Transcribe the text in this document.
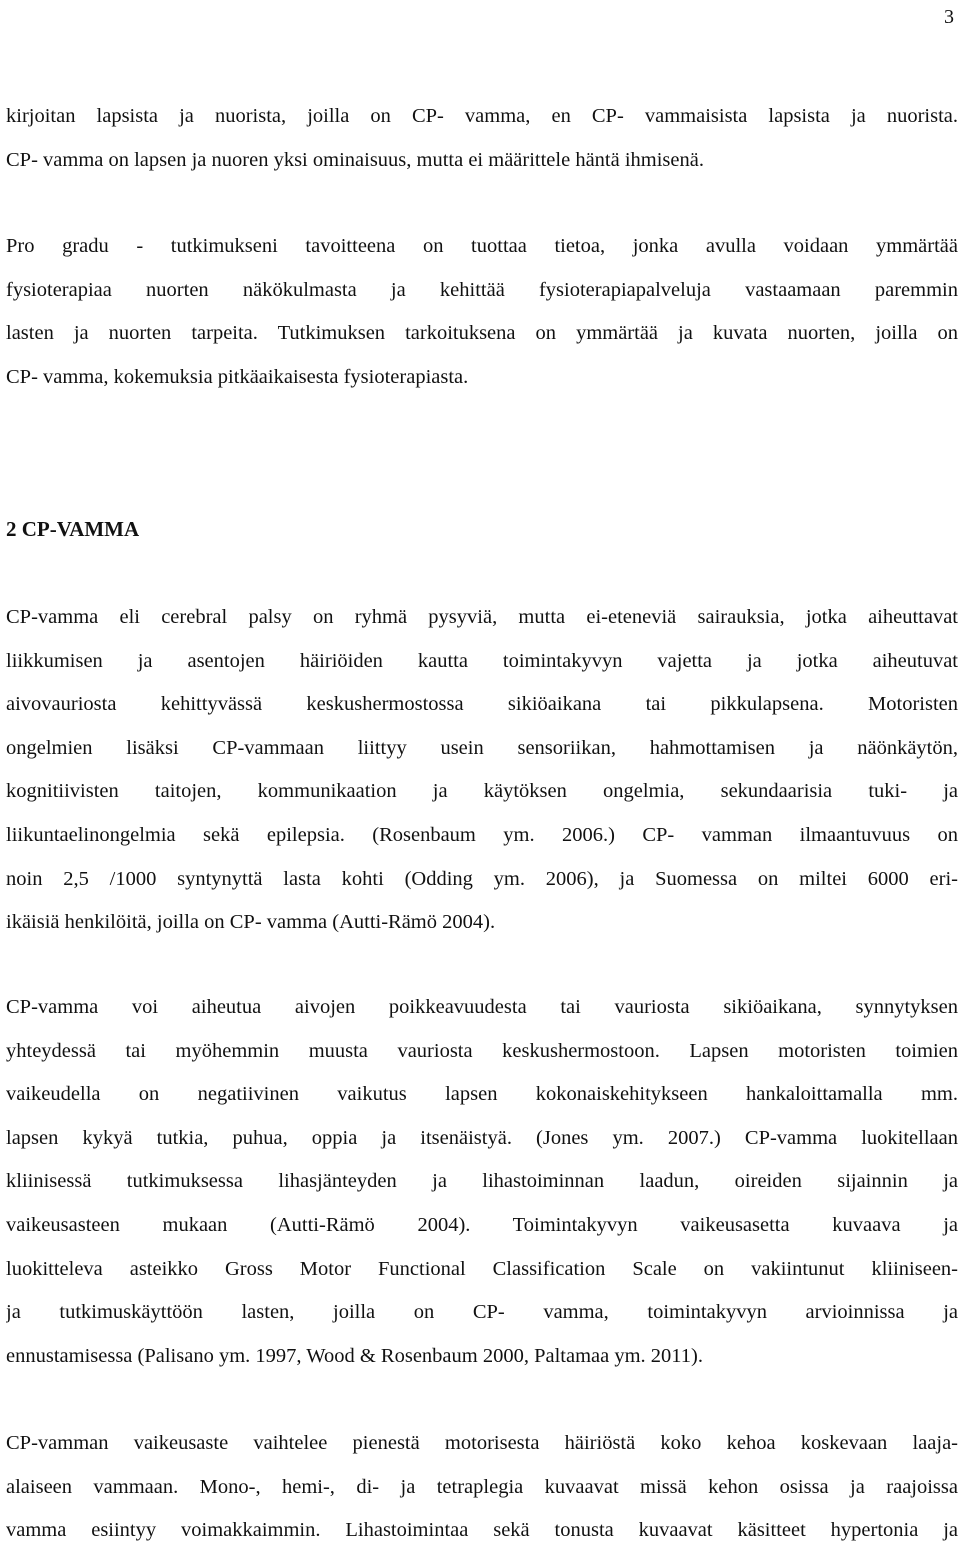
3

kirjoitan lapsista ja nuorista, joilla on CP- vamma, en CP- vammaisista lapsista ja nuorista.
CP- vamma on lapsen ja nuoren yksi ominaisuus, mutta ei määrittele häntä ihmisenä.

Pro gradu - tutkimukseni tavoitteena on tuottaa tietoa, jonka avulla voidaan ymmärtää
fysioterapiaa nuorten näkökulmasta ja kehittää fysioterapiapalveluja vastaamaan paremmin
lasten ja nuorten tarpeita. Tutkimuksen tarkoituksena on ymmärtää ja kuvata nuorten, joilla on
CP- vamma, kokemuksia pitkäaikaisesta fysioterapiasta.

2 CP-VAMMA

CP-vamma eli cerebral palsy on ryhmä pysyviä, mutta ei-eteneviä sairauksia, jotka aiheuttavat
liikkumisen ja asentojen häiriöiden kautta toimintakyvyn vajetta ja jotka aiheutuvat
aivovauriosta kehittyvässä keskushermostossa sikiöaikana tai pikkulapsena. Motoristen
ongelmien lisäksi CP-vammaan liittyy usein sensoriikan, hahmottamisen ja näönkäytön,
kognitiivisten taitojen, kommunikaation ja käytöksen ongelmia, sekundaarisia tuki- ja
liikuntaelinongelmia sekä epilepsia. (Rosenbaum ym. 2006.) CP- vamman ilmaantuvuus on
noin 2,5 /1000 syntynyttä lasta kohti (Odding ym. 2006), ja Suomessa on miltei 6000 eri-
ikäisiä henkilöitä, joilla on CP- vamma (Autti-Rämö 2004).

CP-vamma voi aiheutua aivojen poikkeavuudesta tai vauriosta sikiöaikana, synnytyksen
yhteydessä tai myöhemmin muusta vauriosta keskushermostoon. Lapsen motoristen toimien
vaikeudella on negatiivinen vaikutus lapsen kokonaiskehitykseen hankaloittamalla mm.
lapsen kykyä tutkia, puhua, oppia ja itsenäistyä. (Jones ym. 2007.) CP-vamma luokitellaan
kliinisessä tutkimuksessa lihasjänteyden ja lihastoiminnan laadun, oireiden sijainnin ja
vaikeusasteen mukaan (Autti-Rämö 2004). Toimintakyvyn vaikeusasetta kuvaava ja
luokitteleva asteikko Gross Motor Functional Classification Scale on vakiintunut kliiniseen-
ja tutkimuskäyttöön lasten, joilla on CP- vamma, toimintakyvyn arvioinnissa ja
ennustamisessa (Palisano ym. 1997, Wood & Rosenbaum 2000, Paltamaa ym. 2011).

CP-vamman vaikeusaste vaihtelee pienestä motorisesta häiriöstä koko kehoa koskevaan laaja-
alaiseen vammaan. Mono-, hemi-, di- ja tetraplegia kuvaavat missä kehon osissa ja raajoissa
vamma esiintyy voimakkaimmin. Lihastoimintaa sekä tonusta kuvaavat käsitteet hypertonia ja
